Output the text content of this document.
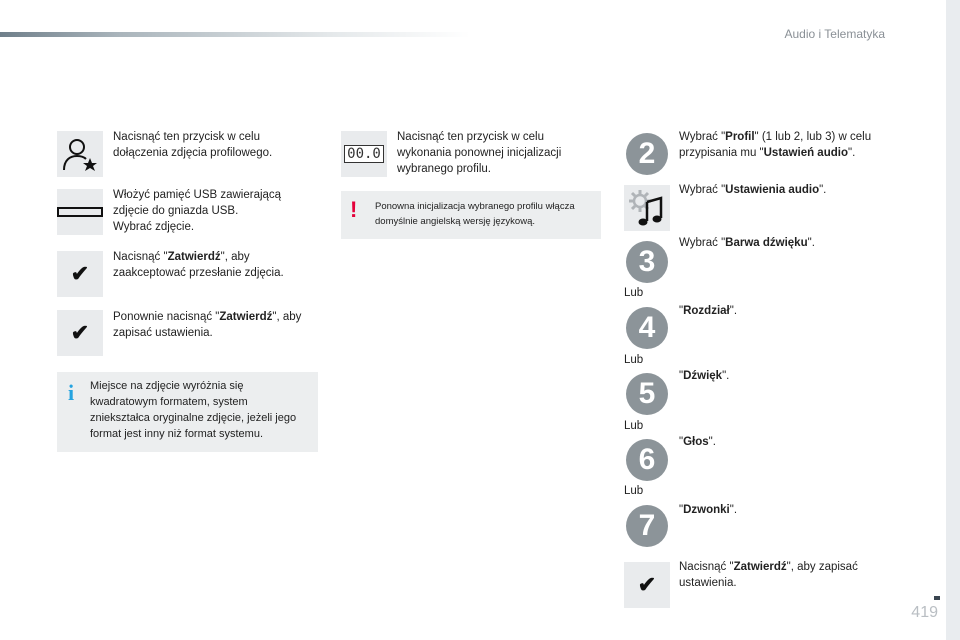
Audio i Telematyka
419

Nacisnąć ten przycisk w celu dołączenia zdjęcia profilowego.

Włożyć pamięć USB zawierającą
zdjęcie do gniazda USB.
Wybrać zdjęcie.

✔

Nacisnąć "Zatwierdź", aby zaakceptować przesłanie zdjęcia.

✔

Ponownie nacisnąć "Zatwierdź", aby zapisać ustawienia.

i Miejsce na zdjęcie wyróżnia się kwadratowym formatem, system zniekształca oryginalne zdjęcie, jeżeli jego format jest inny niż format systemu.

00.0

Nacisnąć ten przycisk w celu wykonania ponownej inicjalizacji wybranego profilu.

! Ponowna inicjalizacja wybranego profilu włącza domyślnie angielską wersję językową.

2	Wybrać "Profil" (1 lub 2, lub 3) w celu przypisania mu "Ustawień audio".

Wybrać "Ustawienia audio".

3

Wybrać "Barwa dźwięku".

Lub
4	"Rozdział".

Lub
5

"Dźwięk".

Lub
6

"Głos".

Lub
7	"Dzwonki".

✔

Nacisnąć "Zatwierdź", aby zapisać ustawienia.
